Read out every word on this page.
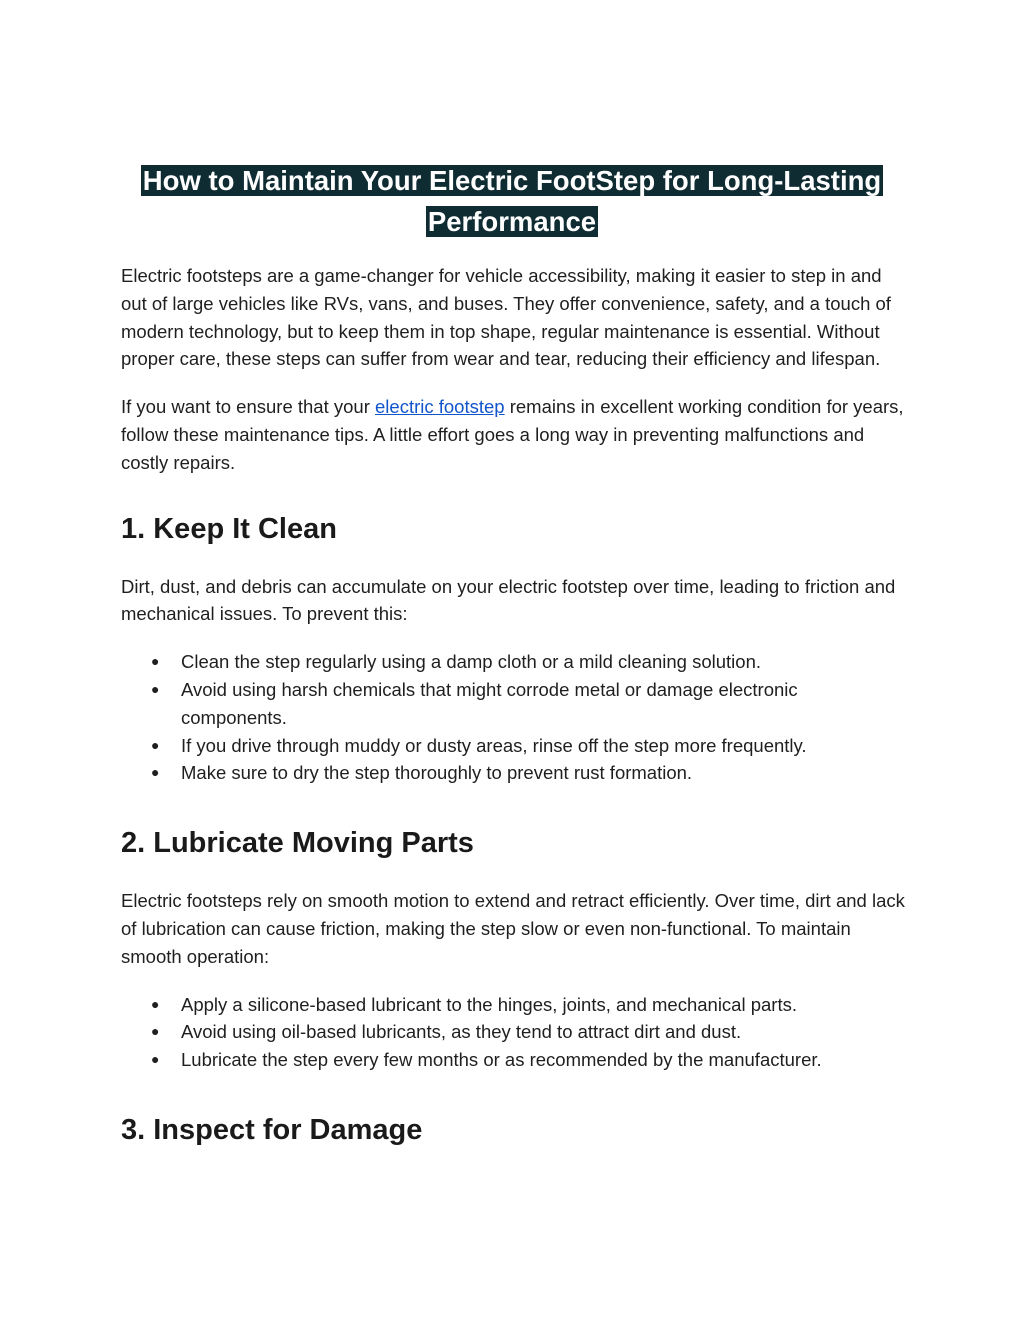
How to Maintain Your Electric FootStep for Long-Lasting Performance

Electric footsteps are a game-changer for vehicle accessibility, making it easier to step in and out of large vehicles like RVs, vans, and buses. They offer convenience, safety, and a touch of modern technology, but to keep them in top shape, regular maintenance is essential. Without proper care, these steps can suffer from wear and tear, reducing their efficiency and lifespan.

If you want to ensure that your electric footstep remains in excellent working condition for years, follow these maintenance tips. A little effort goes a long way in preventing malfunctions and costly repairs.

1. Keep It Clean

Dirt, dust, and debris can accumulate on your electric footstep over time, leading to friction and mechanical issues. To prevent this:

● Clean the step regularly using a damp cloth or a mild cleaning solution.
● Avoid using harsh chemicals that might corrode metal or damage electronic components.
● If you drive through muddy or dusty areas, rinse off the step more frequently.
● Make sure to dry the step thoroughly to prevent rust formation.
2. Lubricate Moving Parts

Electric footsteps rely on smooth motion to extend and retract efficiently. Over time, dirt and lack of lubrication can cause friction, making the step slow or even non-functional. To maintain smooth operation:

● Apply a silicone-based lubricant to the hinges, joints, and mechanical parts.
● Avoid using oil-based lubricants, as they tend to attract dirt and dust.
● Lubricate the step every few months or as recommended by the manufacturer.
3. Inspect for Damage
